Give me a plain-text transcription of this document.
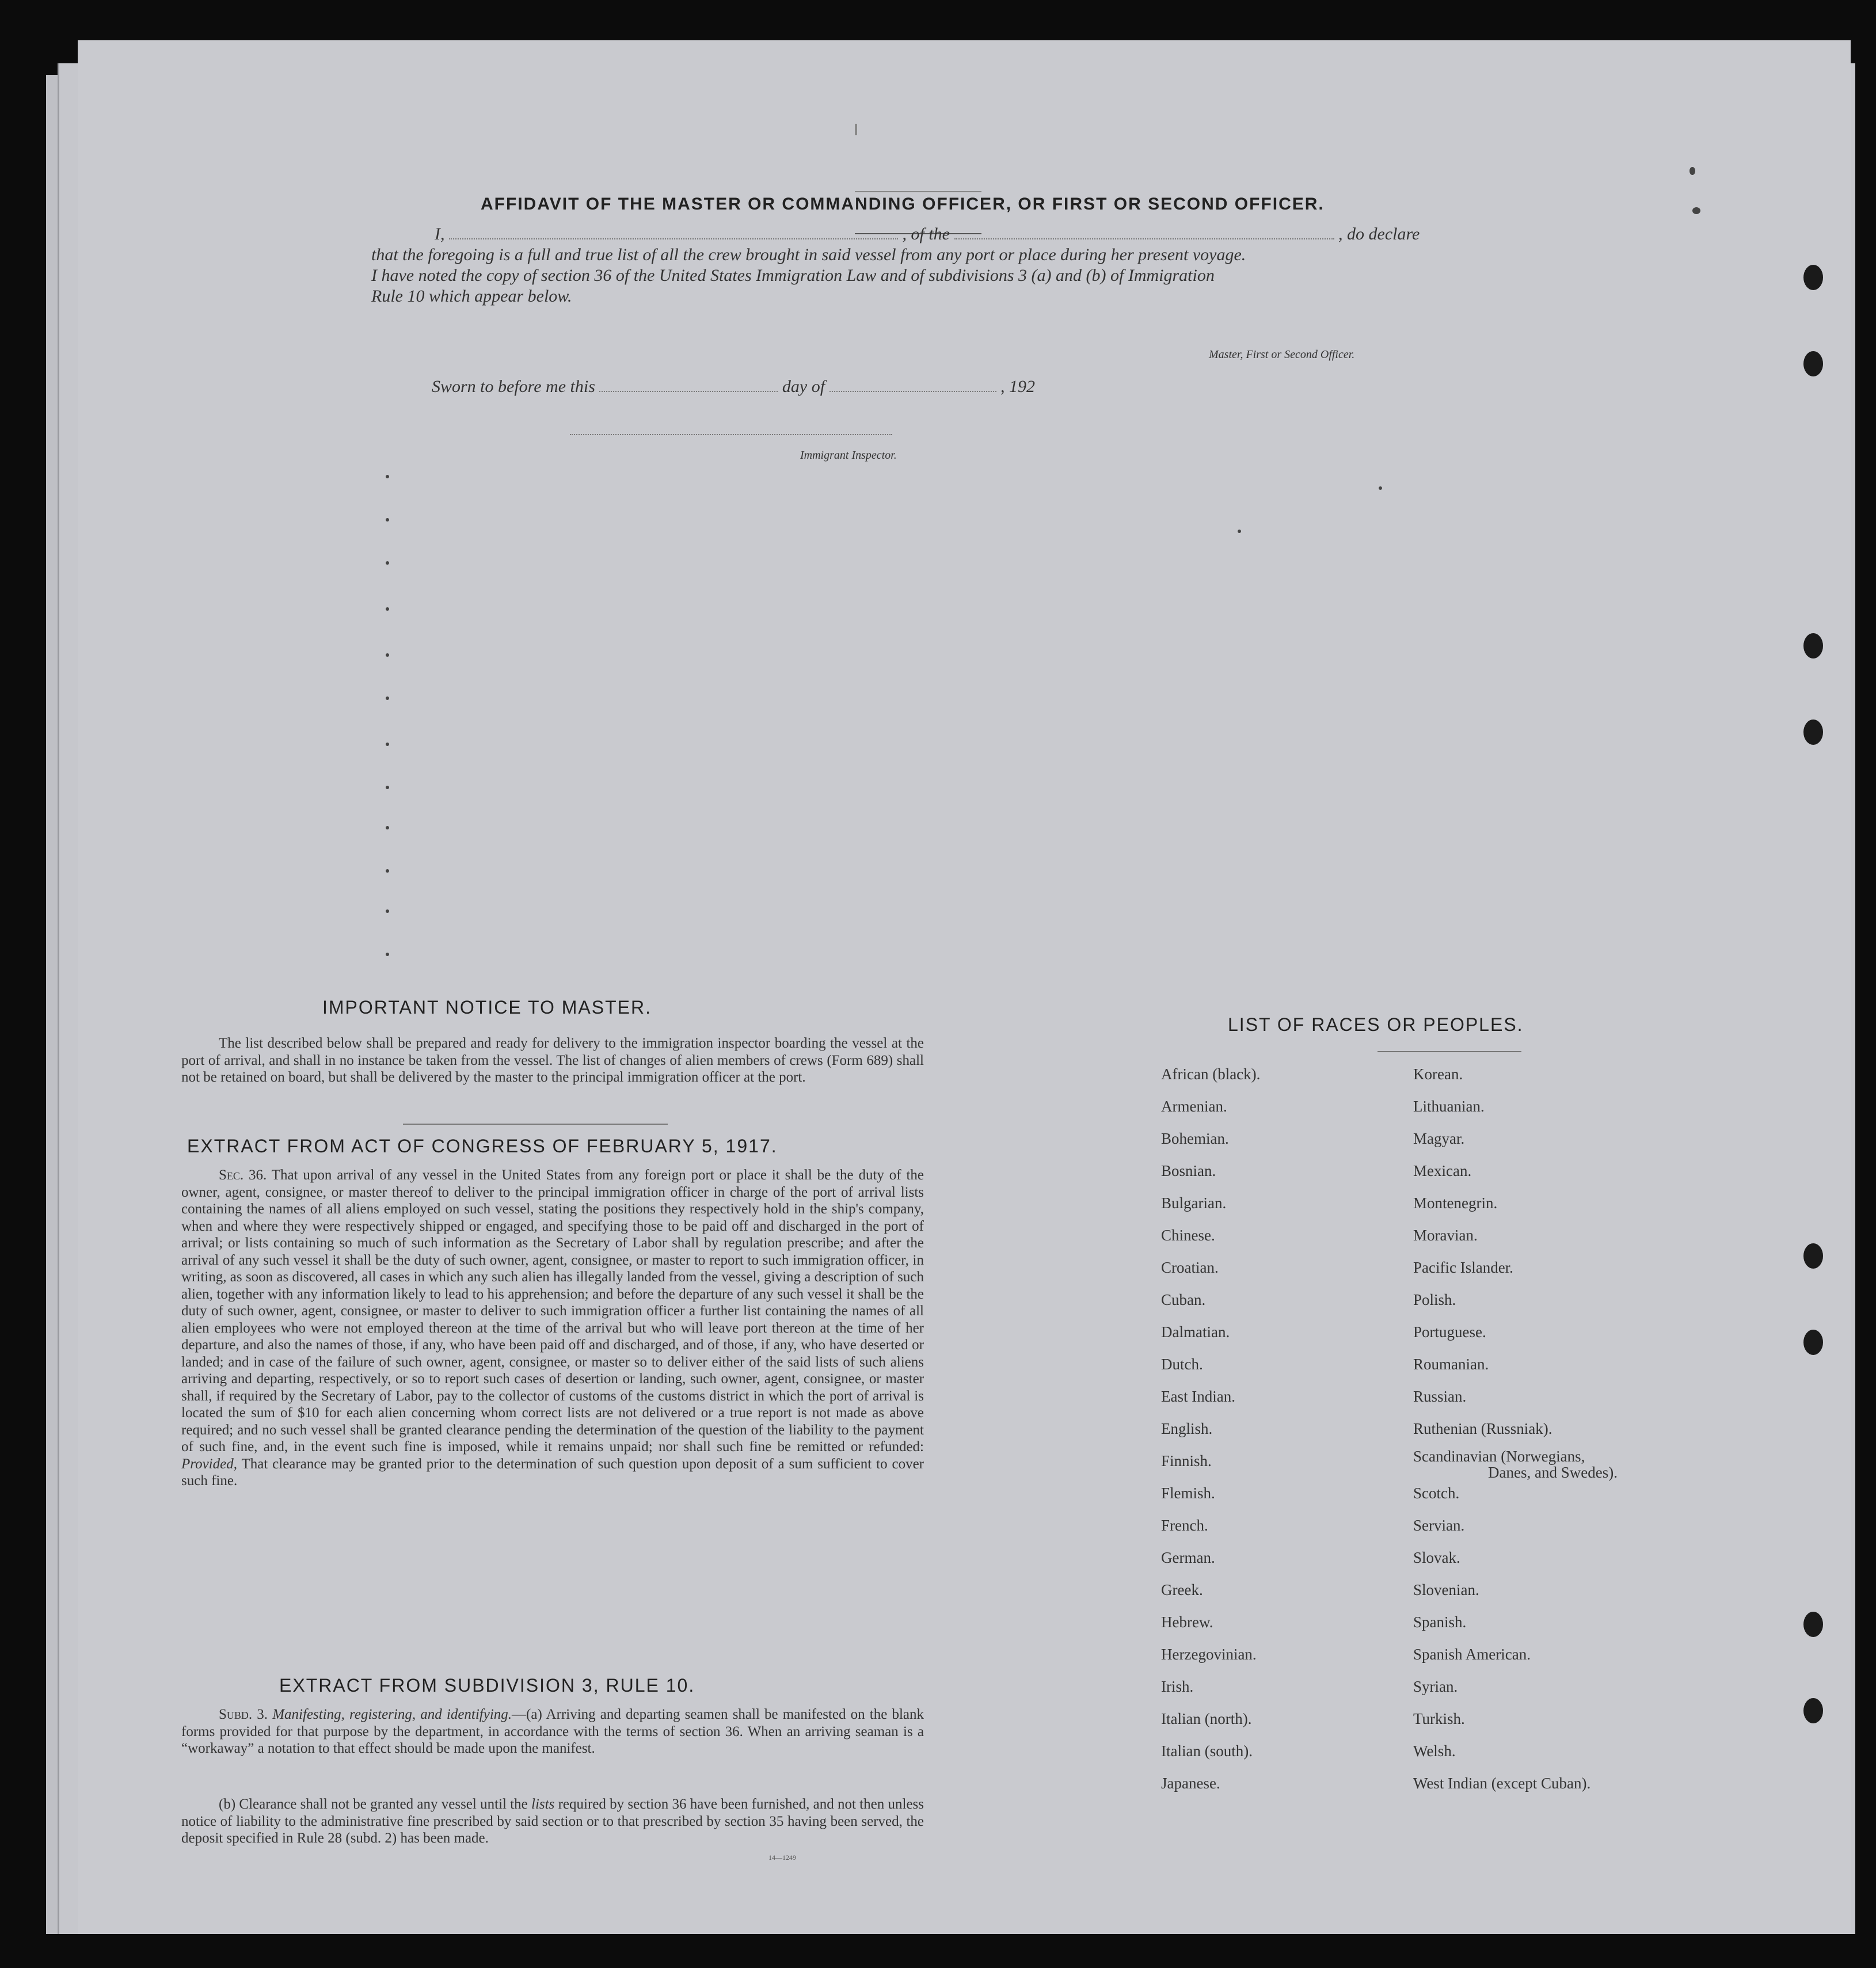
AFFIDAVIT OF THE MASTER OR COMMANDING OFFICER, OR FIRST OR SECOND OFFICER.
I,	, of the	, do declare
that the foregoing is a full and true list of all the crew brought in said vessel from any port or place during her present voyage.
I have noted the copy of section 36 of the United States Immigration Law and of subdivisions 3 (a) and (b) of Immigration
Rule 10 which appear below.
Master, First or Second Officer.
Sworn to before me this	day of	, 192
Immigrant Inspector.
IMPORTANT NOTICE TO MASTER.
The list described below shall be prepared and ready for delivery to the immigration inspector boarding the vessel at the port of arrival, and shall in no instance be taken from the vessel. The list of changes of alien members of crews (Form 689) shall not be retained on board, but shall be delivered by the master to the principal immigration officer at the port.
EXTRACT FROM ACT OF CONGRESS OF FEBRUARY 5, 1917.
Sec. 36. That upon arrival of any vessel in the United States from any foreign port or place it shall be the duty of the owner, agent, consignee, or master thereof to deliver to the principal immigration officer in charge of the port of arrival lists containing the names of all aliens employed on such vessel, stating the positions they respectively hold in the ship's company, when and where they were respectively shipped or engaged, and specifying those to be paid off and discharged in the port of arrival; or lists containing so much of such information as the Secretary of Labor shall by regulation prescribe; and after the arrival of any such vessel it shall be the duty of such owner, agent, consignee, or master to report to such immigration officer, in writing, as soon as discovered, all cases in which any such alien has illegally landed from the vessel, giving a description of such alien, together with any information likely to lead to his apprehension; and before the departure of any such vessel it shall be the duty of such owner, agent, consignee, or master to deliver to such immigration officer a further list containing the names of all alien employees who were not employed thereon at the time of the arrival but who will leave port thereon at the time of her departure, and also the names of those, if any, who have been paid off and discharged, and of those, if any, who have deserted or landed; and in case of the failure of such owner, agent, consignee, or master so to deliver either of the said lists of such aliens arriving and departing, respectively, or so to report such cases of desertion or landing, such owner, agent, consignee, or master shall, if required by the Secretary of Labor, pay to the collector of customs of the customs district in which the port of arrival is located the sum of $10 for each alien concerning whom correct lists are not delivered or a true report is not made as above required; and no such vessel shall be granted clearance pending the determination of the question of the liability to the payment of such fine, and, in the event such fine is imposed, while it remains unpaid; nor shall such fine be remitted or refunded: Provided, That clearance may be granted prior to the determination of such question upon deposit of a sum sufficient to cover such fine.
EXTRACT FROM SUBDIVISION 3, RULE 10.
Subd. 3. Manifesting, registering, and identifying.—(a) Arriving and departing seamen shall be manifested on the blank forms provided for that purpose by the department, in accordance with the terms of section 36. When an arriving seaman is a “workaway” a notation to that effect should be made upon the manifest.
(b) Clearance shall not be granted any vessel until the lists required by section 36 have been furnished, and not then unless notice of liability to the administrative fine prescribed by said section or to that prescribed by section 35 having been served, the deposit specified in Rule 28 (subd. 2) has been made.
14—1249
LIST OF RACES OR PEOPLES.
African (black).
Armenian.
Bohemian.
Bosnian.
Bulgarian.
Chinese.
Croatian.
Cuban.
Dalmatian.
Dutch.
East Indian.
English.
Finnish.
Flemish.
French.
German.
Greek.
Hebrew.
Herzegovinian.
Irish.
Italian (north).
Italian (south).
Japanese.
Korean.
Lithuanian.
Magyar.
Mexican.
Montenegrin.
Moravian.
Pacific Islander.
Polish.
Portuguese.
Roumanian.
Russian.
Ruthenian (Russniak).
Scandinavian (Norwegians,
Danes, and Swedes).
Scotch.
Servian.
Slovak.
Slovenian.
Spanish.
Spanish American.
Syrian.
Turkish.
Welsh.
West Indian (except Cuban).
